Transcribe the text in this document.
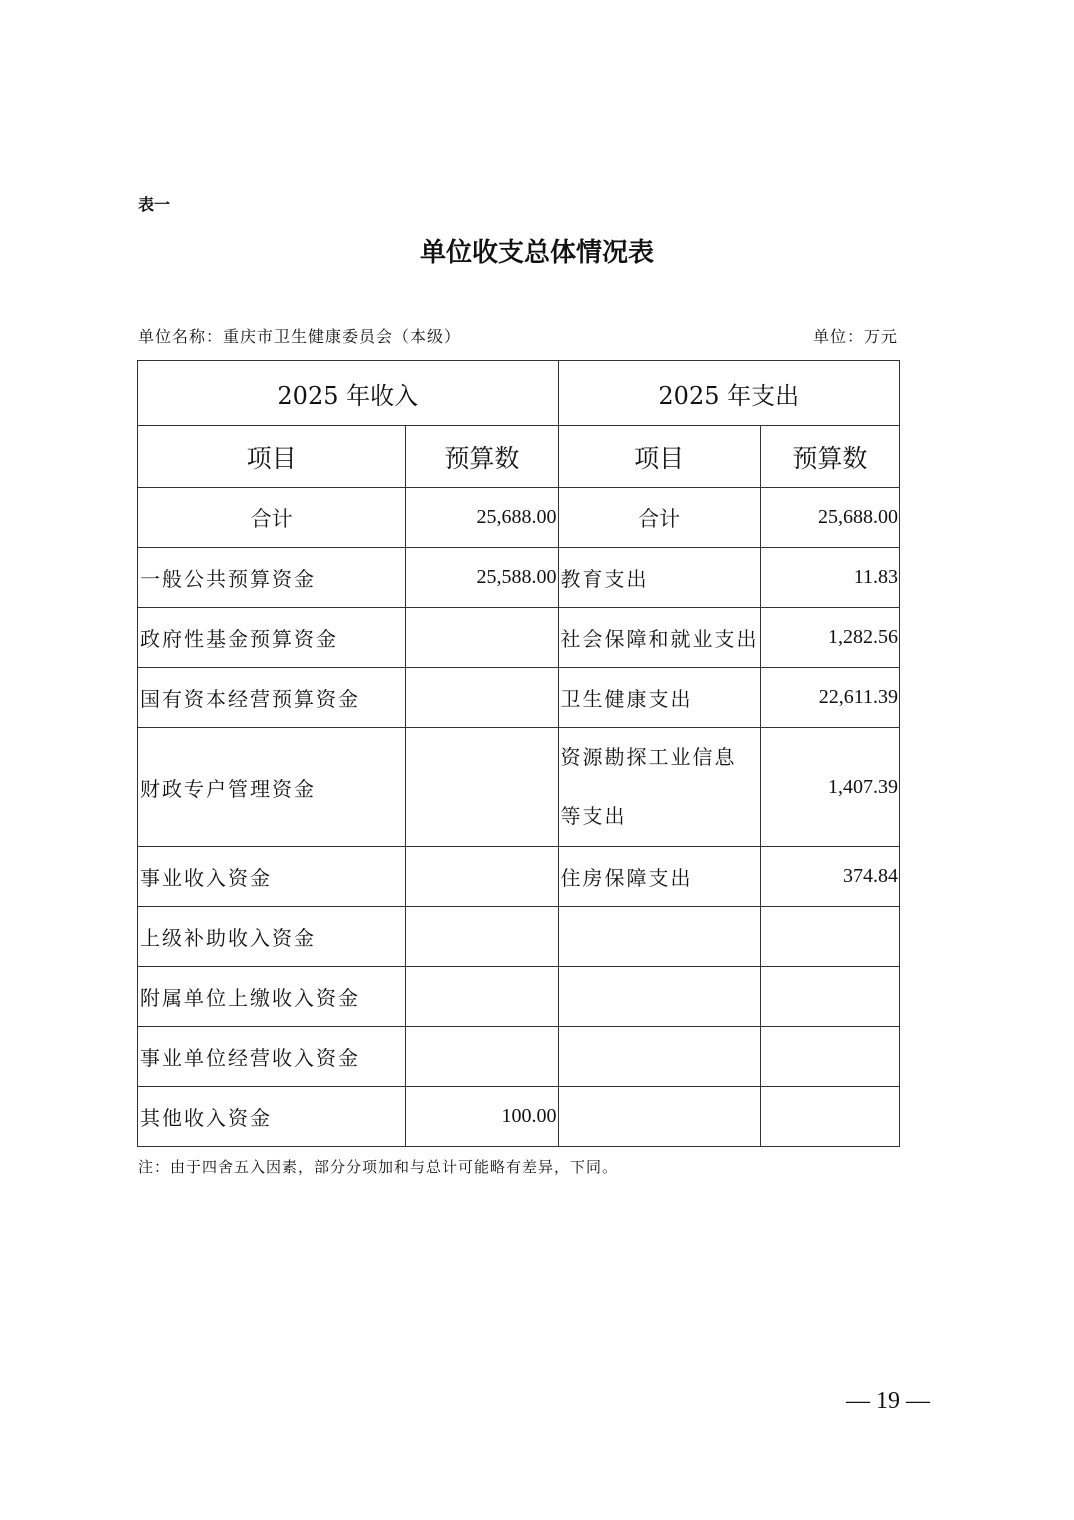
表一
单位收支总体情况表
单位名称：重庆市卫生健康委员会（本级）	单位：万元
2025 年收入		2025 年支出	
项目	预算数	项目	预算数
合计	25,688.00	合计	25,688.00
一般公共预算资金	25,588.00	教育支出	11.83
政府性基金预算资金		社会保障和就业支出	1,282.56
国有资本经营预算资金		卫生健康支出	22,611.39
财政专户管理资金		资源勘探工业信息等支出	1,407.39
事业收入资金		住房保障支出	374.84
上级补助收入资金			
附属单位上缴收入资金			
事业单位经营收入资金			
其他收入资金	100.00		
注：由于四舍五入因素，部分分项加和与总计可能略有差异，下同。
— 19 —
